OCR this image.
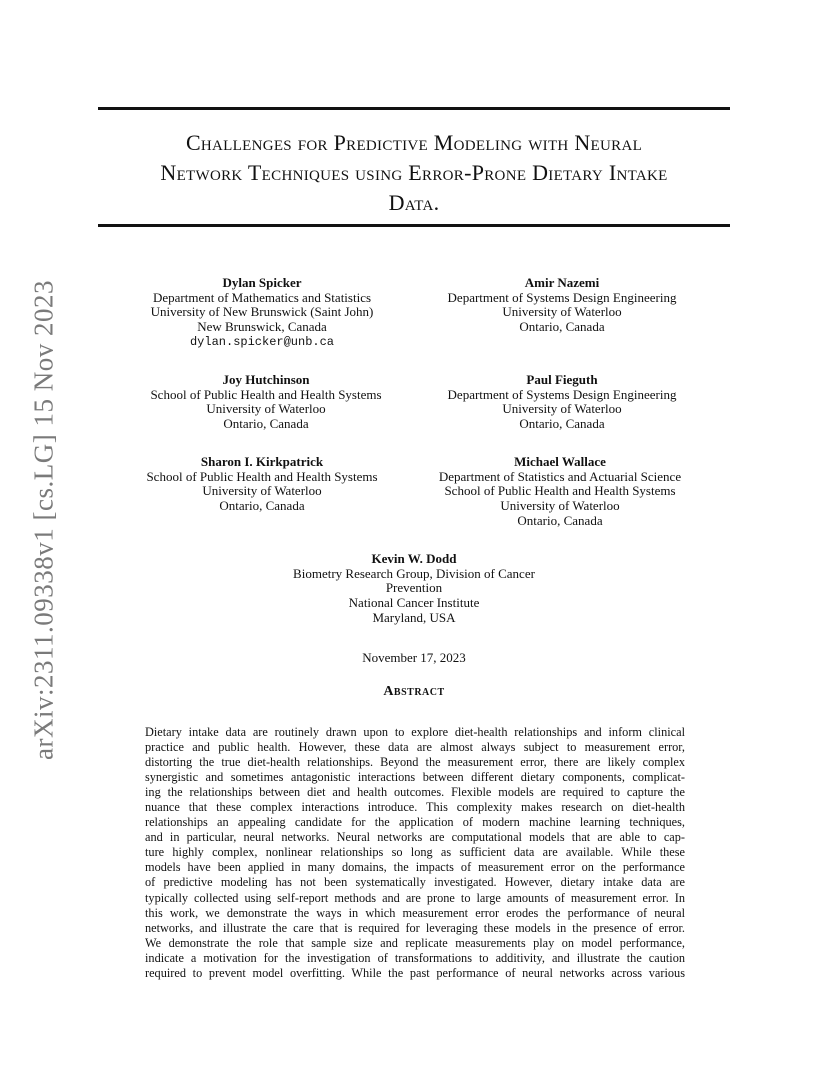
arXiv:2311.09338v1 [cs.LG] 15 Nov 2023
Challenges for Predictive Modeling with Neural
Network Techniques using Error-Prone Dietary Intake
Data.
Dylan Spicker
Department of Mathematics and Statistics
University of New Brunswick (Saint John)
New Brunswick, Canada
dylan.spicker@unb.ca
Amir Nazemi
Department of Systems Design Engineering
University of Waterloo
Ontario, Canada
Joy Hutchinson
School of Public Health and Health Systems
University of Waterloo
Ontario, Canada
Paul Fieguth
Department of Systems Design Engineering
University of Waterloo
Ontario, Canada
Sharon I. Kirkpatrick
School of Public Health and Health Systems
University of Waterloo
Ontario, Canada
Michael Wallace
Department of Statistics and Actuarial Science
School of Public Health and Health Systems
University of Waterloo
Ontario, Canada
Kevin W. Dodd
Biometry Research Group, Division of Cancer Prevention
National Cancer Institute
Maryland, USA
November 17, 2023
Abstract
Dietary intake data are routinely drawn upon to explore diet-health relationships and inform clinical
practice and public health. However, these data are almost always subject to measurement error,
distorting the true diet-health relationships. Beyond the measurement error, there are likely complex
synergistic and sometimes antagonistic interactions between different dietary components, complicat-
ing the relationships between diet and health outcomes. Flexible models are required to capture the
nuance that these complex interactions introduce. This complexity makes research on diet-health
relationships an appealing candidate for the application of modern machine learning techniques,
and in particular, neural networks. Neural networks are computational models that are able to cap-
ture highly complex, nonlinear relationships so long as sufficient data are available. While these
models have been applied in many domains, the impacts of measurement error on the performance
of predictive modeling has not been systematically investigated. However, dietary intake data are
typically collected using self-report methods and are prone to large amounts of measurement error. In
this work, we demonstrate the ways in which measurement error erodes the performance of neural
networks, and illustrate the care that is required for leveraging these models in the presence of error.
We demonstrate the role that sample size and replicate measurements play on model performance,
indicate a motivation for the investigation of transformations to additivity, and illustrate the caution
required to prevent model overfitting. While the past performance of neural networks across various
